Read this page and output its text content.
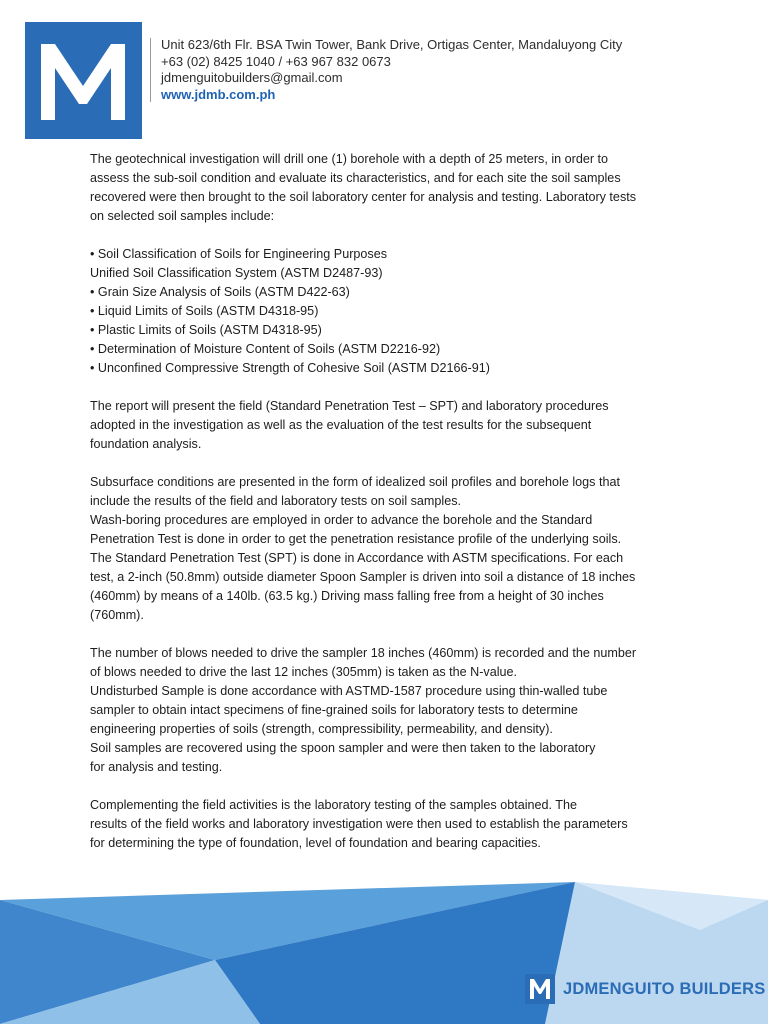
Unit 623/6th Flr. BSA Twin Tower, Bank Drive, Ortigas Center, Mandaluyong City
+63 (02) 8425 1040 / +63 967 832 0673
jdmenguitobuilders@gmail.com
www.jdmb.com.ph

The geotechnical investigation will drill one (1) borehole with a depth of 25 meters, in order to
assess the sub-soil condition and evaluate its characteristics, and for each site the soil samples
recovered were then brought to the soil laboratory center for analysis and testing. Laboratory tests
on selected soil samples include:

• Soil Classification of Soils for Engineering Purposes
Unified Soil Classification System (ASTM D2487-93)
• Grain Size Analysis of Soils (ASTM D422-63)
• Liquid Limits of Soils (ASTM D4318-95)
• Plastic Limits of Soils (ASTM D4318-95)
• Determination of Moisture Content of Soils (ASTM D2216-92)
• Unconfined Compressive Strength of Cohesive Soil (ASTM D2166-91)

The report will present the field (Standard Penetration Test – SPT) and laboratory procedures
adopted in the investigation as well as the evaluation of the test results for the subsequent
foundation analysis.

Subsurface conditions are presented in the form of idealized soil profiles and borehole logs that
include the results of the field and laboratory tests on soil samples.
Wash-boring procedures are employed in order to advance the borehole and the Standard
Penetration Test is done in order to get the penetration resistance profile of the underlying soils.
The Standard Penetration Test (SPT) is done in Accordance with ASTM specifications. For each
test, a 2-inch (50.8mm) outside diameter Spoon Sampler is driven into soil a distance of 18 inches
(460mm) by means of a 140lb. (63.5 kg.) Driving mass falling free from a height of 30 inches
(760mm).

The number of blows needed to drive the sampler 18 inches (460mm) is recorded and the number
of blows needed to drive the last 12 inches (305mm) is taken as the N-value.
Undisturbed Sample is done accordance with ASTMD-1587 procedure using thin-walled tube
sampler to obtain intact specimens of fine-grained soils for laboratory tests to determine
engineering properties of soils (strength, compressibility, permeability, and density).
Soil samples are recovered using the spoon sampler and were then taken to the laboratory
for analysis and testing.

Complementing the field activities is the laboratory testing of the samples obtained. The
results of the field works and laboratory investigation were then used to establish the parameters
for determining the type of foundation, level of foundation and bearing capacities.

JDMENGUITO BUILDERS
